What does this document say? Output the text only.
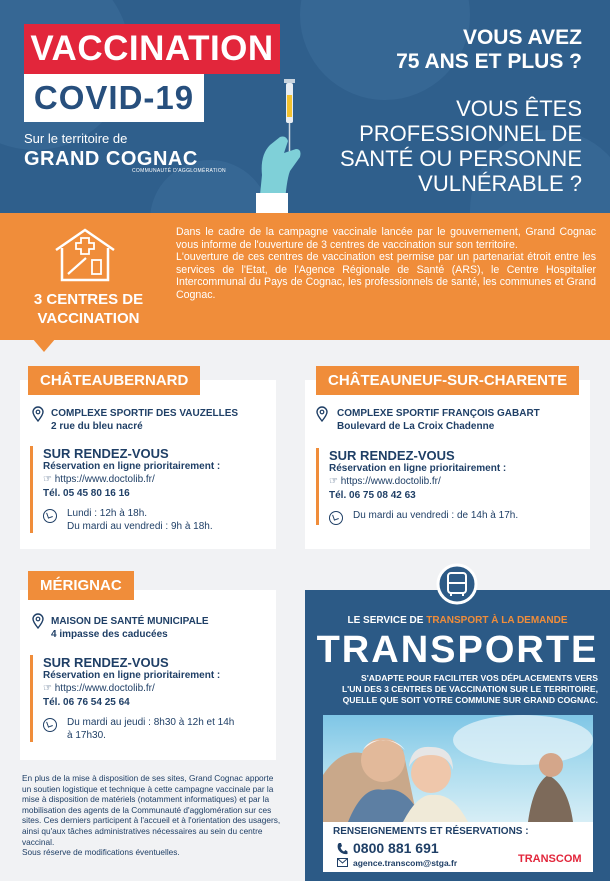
VACCINATION
COVID-19
Sur le territoire de
GRAND COGNAC
COMMUNAUTÉ D'AGGLOMÉRATION
VOUS AVEZ
75 ANS ET PLUS ?
VOUS ÊTES
PROFESSIONNEL DE
SANTÉ OU PERSONNE
VULNÉRABLE ?
3 CENTRES DE
VACCINATION

Dans le cadre de la campagne vaccinale lancée par le gouvernement, Grand Cognac vous informe de l'ouverture de 3 centres de vaccination sur son territoire.

L'ouverture de ces centres de vaccination est permise par un partenariat étroit entre les services de l'Etat, de l'Agence Régionale de Santé (ARS), le Centre Hospitalier Intercommunal du Pays de Cognac, les professionnels de santé, les communes et Grand Cognac.

CHÂTEAUBERNARD
COMPLEXE SPORTIF DES VAUZELLES
2 rue du bleu nacré
SUR RENDEZ-VOUS
Réservation en ligne prioritairement :
☞ https://www.doctolib.fr/
Tél. 05 45 80 16 16
Lundi : 12h à 18h.
Du mardi au vendredi : 9h à 18h.
CHÂTEAUNEUF-SUR-CHARENTE
COMPLEXE SPORTIF FRANÇOIS GABART
Boulevard de La Croix Chadenne
SUR RENDEZ-VOUS
Réservation en ligne prioritairement :
☞ https://www.doctolib.fr/
Tél. 06 75 08 42 63
Du mardi au vendredi : de 14h à 17h.
MÉRIGNAC
MAISON DE SANTÉ MUNICIPALE
4 impasse des caducées
SUR RENDEZ-VOUS
Réservation en ligne prioritairement :
☞ https://www.doctolib.fr/
Tél. 06 76 54 25 64
Du mardi au jeudi : 8h30 à 12h et 14h
à 17h30.
En plus de la mise à disposition de ses sites, Grand Cognac apporte un soutien logistique et technique à cette campagne vaccinale par la mise à disposition de matériels (notamment informatiques) et par la mobilisation des agents de la Communauté d'agglomération sur ces sites. Ces derniers participent à l'accueil et à l'orientation des usagers, ainsi qu'aux tâches administratives nécessaires au sein du centre vaccinal.
Sous réserve de modifications éventuelles.
LE SERVICE DE TRANSPORT À LA DEMANDE
TRANSPORTE
S'ADAPTE POUR FACILITER VOS DÉPLACEMENTS VERS
L'UN DES 3 CENTRES DE VACCINATION SUR LE TERRITOIRE,
QUELLE QUE SOIT VOTRE COMMUNE SUR GRAND COGNAC.
RENSEIGNEMENTS ET RÉSERVATIONS :
0800 881 691
agence.transcom@stga.fr	TRANSCOM
